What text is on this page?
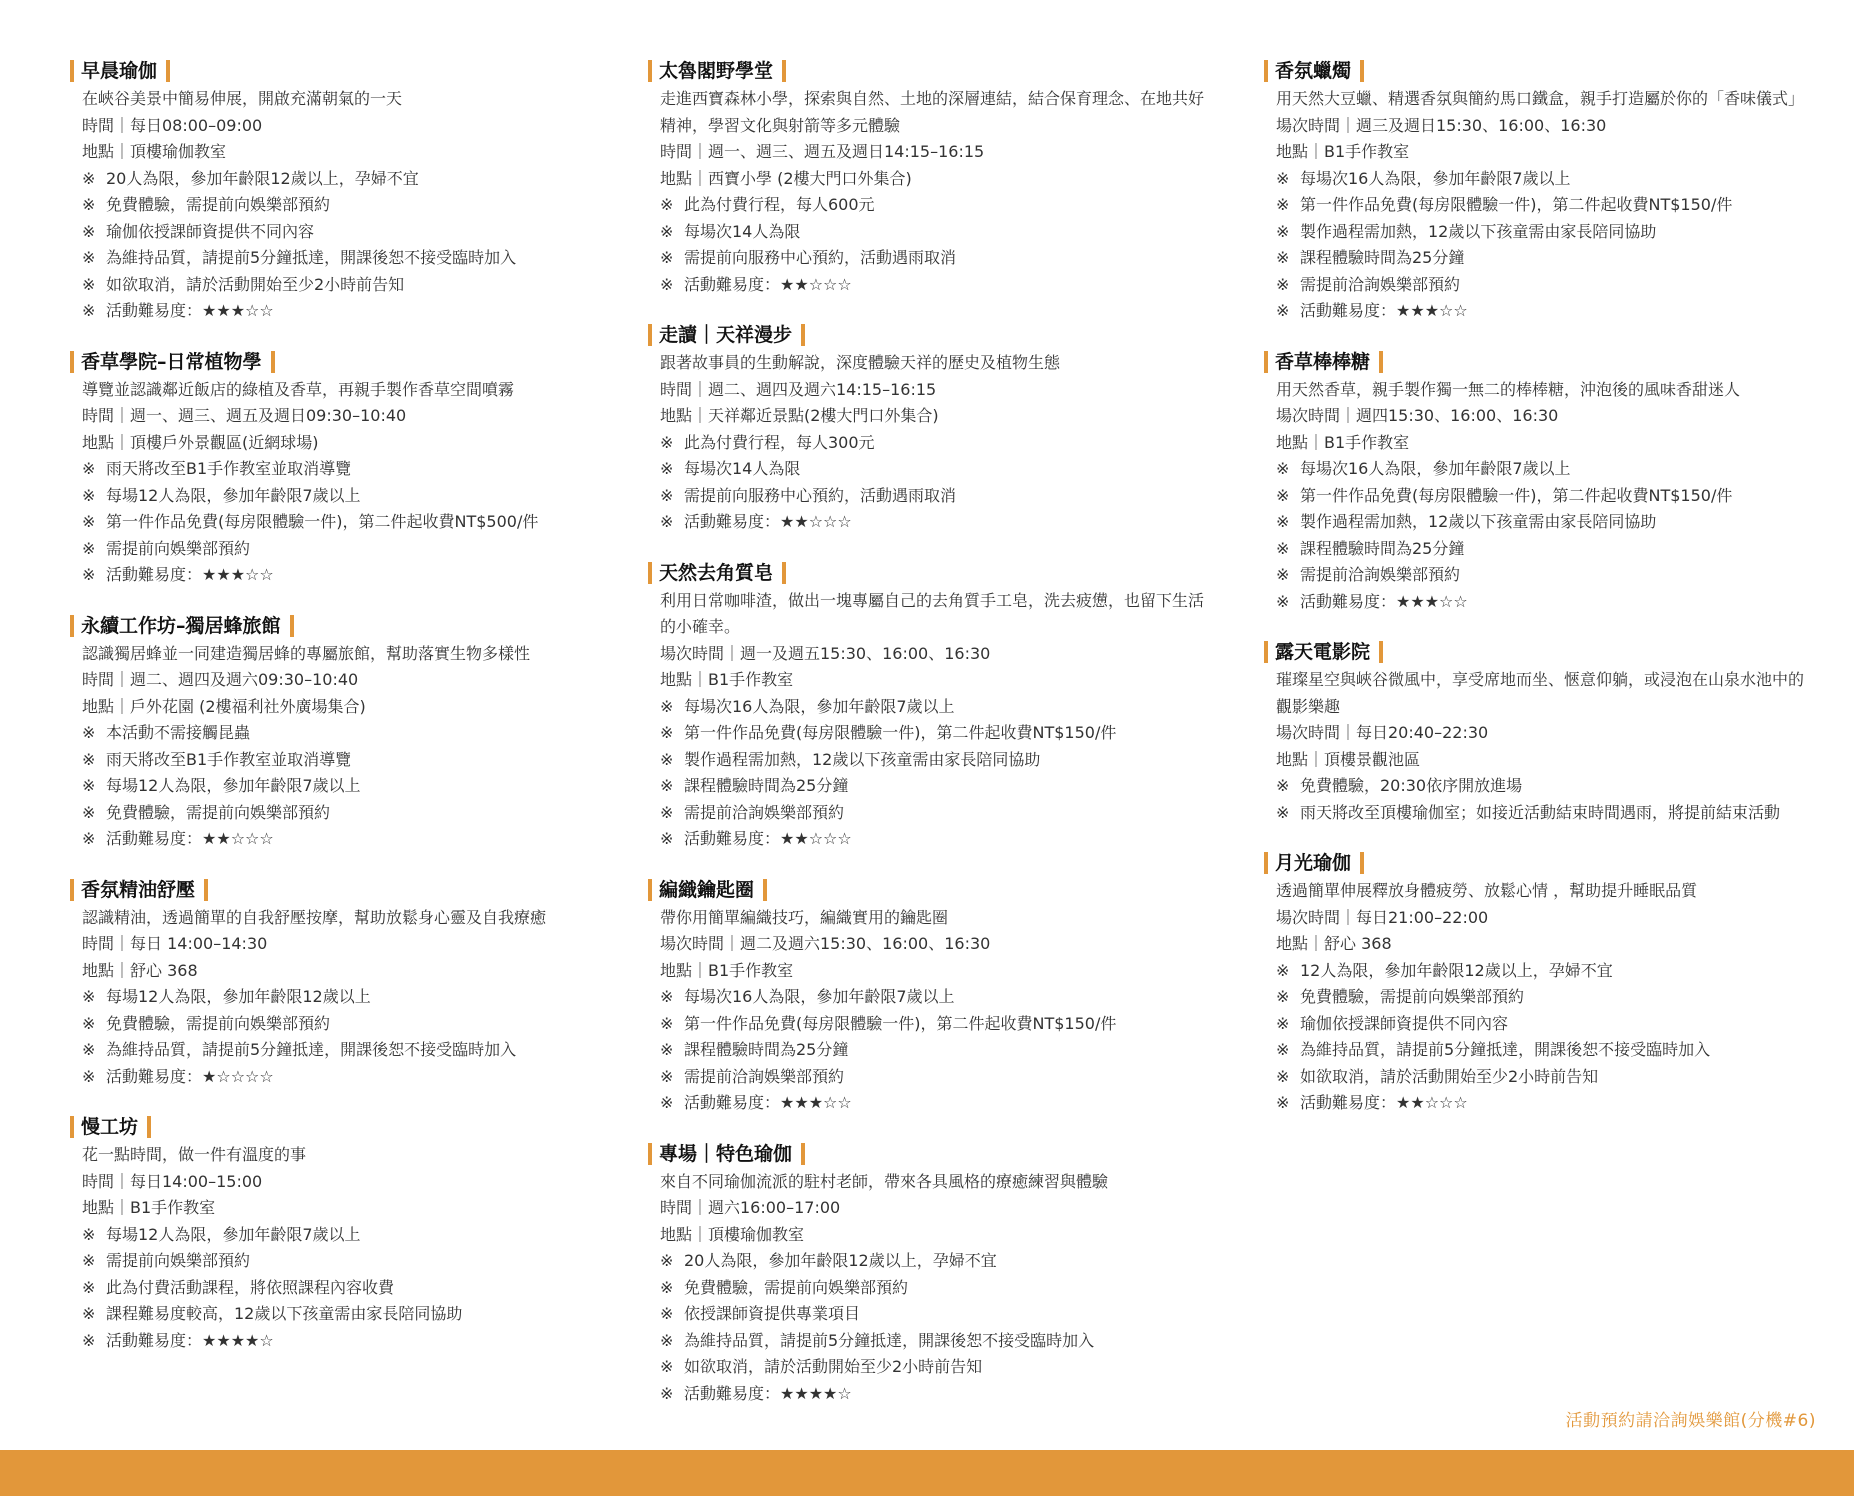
早晨瑜伽
在峽谷美景中簡易伸展，開啟充滿朝氣的一天
時間｜每日08:00–09:00
地點｜頂樓瑜伽教室
※ 20人為限，參加年齡限12歲以上，孕婦不宜
※ 免費體驗，需提前向娛樂部預約
※ 瑜伽依授課師資提供不同內容
※ 為維持品質，請提前5分鐘抵達，開課後恕不接受臨時加入
※ 如欲取消，請於活動開始至少2小時前告知
※ 活動難易度：★★★☆☆
香草學院–日常植物學
導覽並認識鄰近飯店的綠植及香草，再親手製作香草空間噴霧
時間｜週一、週三、週五及週日09:30–10:40
地點｜頂樓戶外景觀區(近網球場)
※ 雨天將改至B1手作教室並取消導覽
※ 每場12人為限，參加年齡限7歲以上
※ 第一件作品免費(每房限體驗一件)，第二件起收費NT$500/件
※ 需提前向娛樂部預約
※ 活動難易度：★★★☆☆
永續工作坊–獨居蜂旅館
認識獨居蜂並一同建造獨居蜂的專屬旅館，幫助落實生物多樣性
時間｜週二、週四及週六09:30–10:40
地點｜戶外花園 (2樓福利社外廣場集合)
※ 本活動不需接觸昆蟲
※ 雨天將改至B1手作教室並取消導覽
※ 每場12人為限，參加年齡限7歲以上
※ 免費體驗，需提前向娛樂部預約
※ 活動難易度：★★☆☆☆
香氛精油舒壓
認識精油，透過簡單的自我舒壓按摩，幫助放鬆身心靈及自我療癒
時間｜每日 14:00–14:30
地點｜舒心 368
※ 每場12人為限，參加年齡限12歲以上
※ 免費體驗，需提前向娛樂部預約
※ 為維持品質，請提前5分鐘抵達，開課後恕不接受臨時加入
※ 活動難易度：★☆☆☆☆
慢工坊
花一點時間，做一件有溫度的事
時間｜每日14:00–15:00
地點｜B1手作教室
※ 每場12人為限，參加年齡限7歲以上
※ 需提前向娛樂部預約
※ 此為付費活動課程，將依照課程內容收費
※ 課程難易度較高，12歲以下孩童需由家長陪同協助
※ 活動難易度：★★★★☆
太魯閣野學堂
走進西寶森林小學，探索與自然、土地的深層連結，結合保育理念、在地共好精神，學習文化與射箭等多元體驗
時間｜週一、週三、週五及週日14:15–16:15
地點｜西寶小學 (2樓大門口外集合)
※ 此為付費行程，每人600元
※ 每場次14人為限
※ 需提前向服務中心預約，活動遇雨取消
※ 活動難易度：★★☆☆☆
走讀｜天祥漫步
跟著故事員的生動解說，深度體驗天祥的歷史及植物生態
時間｜週二、週四及週六14:15–16:15
地點｜天祥鄰近景點(2樓大門口外集合)
※ 此為付費行程，每人300元
※ 每場次14人為限
※ 需提前向服務中心預約，活動遇雨取消
※ 活動難易度：★★☆☆☆
天然去角質皂
利用日常咖啡渣，做出一塊專屬自己的去角質手工皂，洗去疲憊，也留下生活的小確幸。
場次時間｜週一及週五15:30、16:00、16:30
地點｜B1手作教室
※ 每場次16人為限，參加年齡限7歲以上
※ 第一件作品免費(每房限體驗一件)，第二件起收費NT$150/件
※ 製作過程需加熱，12歲以下孩童需由家長陪同協助
※ 課程體驗時間為25分鐘
※ 需提前洽詢娛樂部預約
※ 活動難易度：★★☆☆☆
編織鑰匙圈
帶你用簡單編織技巧，編織實用的鑰匙圈
場次時間｜週二及週六15:30、16:00、16:30
地點｜B1手作教室
※ 每場次16人為限，參加年齡限7歲以上
※ 第一件作品免費(每房限體驗一件)，第二件起收費NT$150/件
※ 課程體驗時間為25分鐘
※ 需提前洽詢娛樂部預約
※ 活動難易度：★★★☆☆
專場｜特色瑜伽
來自不同瑜伽流派的駐村老師，帶來各具風格的療癒練習與體驗
時間｜週六16:00–17:00
地點｜頂樓瑜伽教室
※ 20人為限，參加年齡限12歲以上，孕婦不宜
※ 免費體驗，需提前向娛樂部預約
※ 依授課師資提供專業項目
※ 為維持品質，請提前5分鐘抵達，開課後恕不接受臨時加入
※ 如欲取消，請於活動開始至少2小時前告知
※ 活動難易度：★★★★☆
香氛蠟燭
用天然大豆蠟、精選香氛與簡約馬口鐵盒，親手打造屬於你的「香味儀式」
場次時間｜週三及週日15:30、16:00、16:30
地點｜B1手作教室
※ 每場次16人為限，參加年齡限7歲以上
※ 第一件作品免費(每房限體驗一件)，第二件起收費NT$150/件
※ 製作過程需加熱，12歲以下孩童需由家長陪同協助
※ 課程體驗時間為25分鐘
※ 需提前洽詢娛樂部預約
※ 活動難易度：★★★☆☆
香草棒棒糖
用天然香草，親手製作獨一無二的棒棒糖，沖泡後的風味香甜迷人
場次時間｜週四15:30、16:00、16:30
地點｜B1手作教室
※ 每場次16人為限，參加年齡限7歲以上
※ 第一件作品免費(每房限體驗一件)，第二件起收費NT$150/件
※ 製作過程需加熱，12歲以下孩童需由家長陪同協助
※ 課程體驗時間為25分鐘
※ 需提前洽詢娛樂部預約
※ 活動難易度：★★★☆☆
露天電影院
璀璨星空與峽谷微風中，享受席地而坐、愜意仰躺，或浸泡在山泉水池中的觀影樂趣
場次時間｜每日20:40–22:30
地點｜頂樓景觀池區
※ 免費體驗，20:30依序開放進場
※ 雨天將改至頂樓瑜伽室；如接近活動結束時間遇雨，將提前結束活動
月光瑜伽
透過簡單伸展釋放身體疲勞、放鬆心情 ，幫助提升睡眠品質
場次時間｜每日21:00–22:00
地點｜舒心 368
※ 12人為限，參加年齡限12歲以上，孕婦不宜
※ 免費體驗，需提前向娛樂部預約
※ 瑜伽依授課師資提供不同內容
※ 為維持品質，請提前5分鐘抵達，開課後恕不接受臨時加入
※ 如欲取消，請於活動開始至少2小時前告知
※ 活動難易度：★★☆☆☆
活動預約請洽詢娛樂館(分機#6)
